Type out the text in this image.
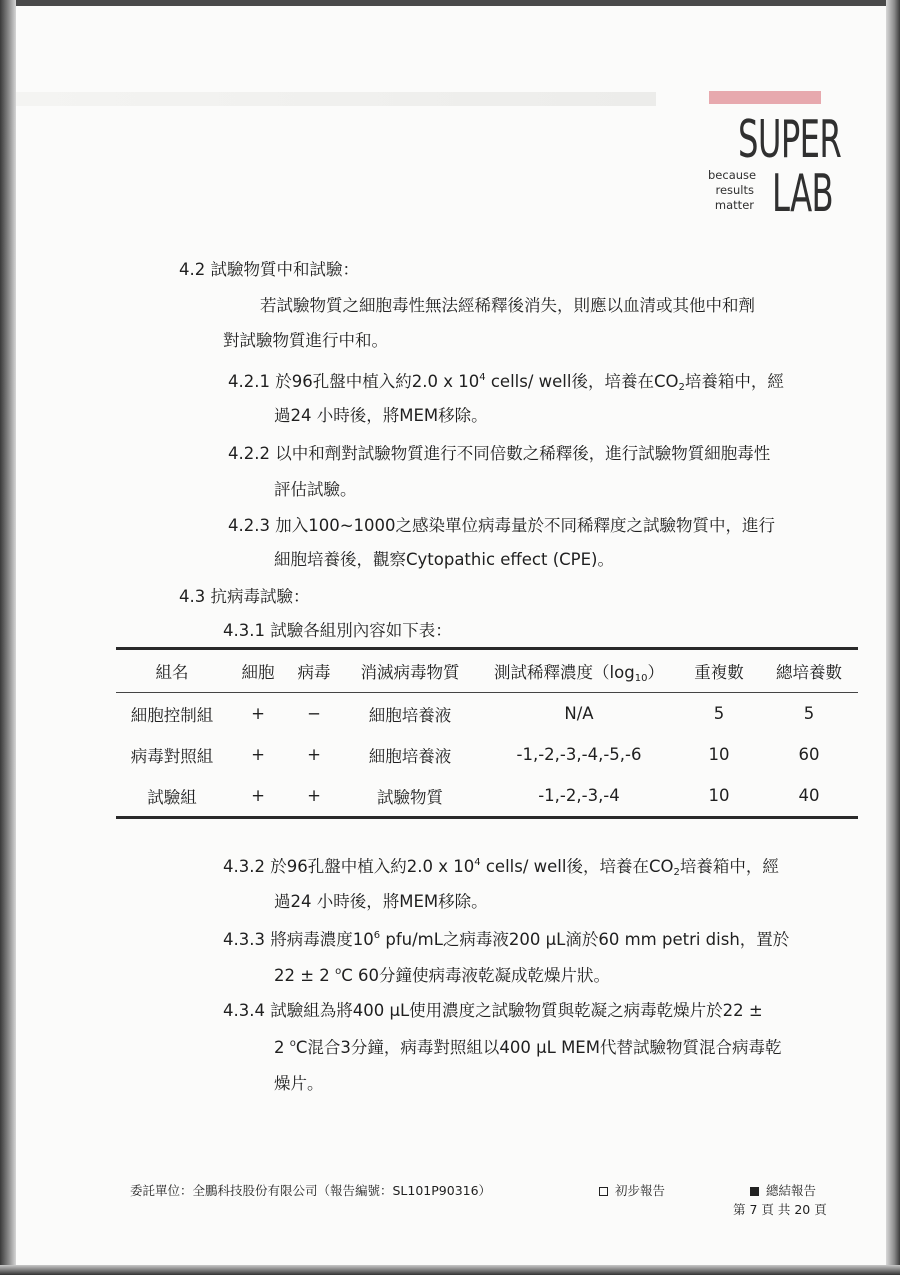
SUPER
LAB
because
results
matter
4.2 試驗物質中和試驗：
若試驗物質之細胞毒性無法經稀釋後消失，則應以血清或其他中和劑
對試驗物質進行中和。
4.2.1 於96孔盤中植入約2.0 x $10^4$ cells/ well後，培養在$CO_2$培養箱中，經
過24 小時後，將MEM移除。
4.2.2 以中和劑對試驗物質進行不同倍數之稀釋後，進行試驗物質細胞毒性
評估試驗。
4.2.3 加入100~1000之感染單位病毒量於不同稀釋度之試驗物質中，進行
細胞培養後，觀察Cytopathic effect (CPE)。
4.3 抗病毒試驗：
4.3.1 試驗各組別內容如下表：
組名	細胞	病毒	消滅病毒物質	測試稀釋濃度$(\log_{10})$	重複數	總培養數
細胞控制組	+	−	細胞培養液	N/A	5	5
病毒對照組	+	+	細胞培養液	-1,-2,-3,-4,-5,-6	10	60
試驗組	+	+	試驗物質	-1,-2,-3,-4	10	40
4.3.2 於96孔盤中植入約2.0 x $10^4$ cells/ well後，培養在$CO_2$培養箱中，經
過24 小時後，將MEM移除。
4.3.3 將病毒濃度$10^6$ pfu/mL之病毒液200 μL滴於60 mm petri dish，置於
22 ± 2 $^o$C 60分鐘使病毒液乾凝成乾燥片狀。
4.3.4 試驗組為將400 μL使用濃度之試驗物質與乾凝之病毒乾燥片於22 ±
2 $^o$C混合3分鐘，病毒對照組以400 μL MEM代替試驗物質混合病毒乾
燥片。
委託單位：全鵬科技股份有限公司（報告編號：SL101P90316）	初步報告	總結報告
第 7 頁 共 20 頁
